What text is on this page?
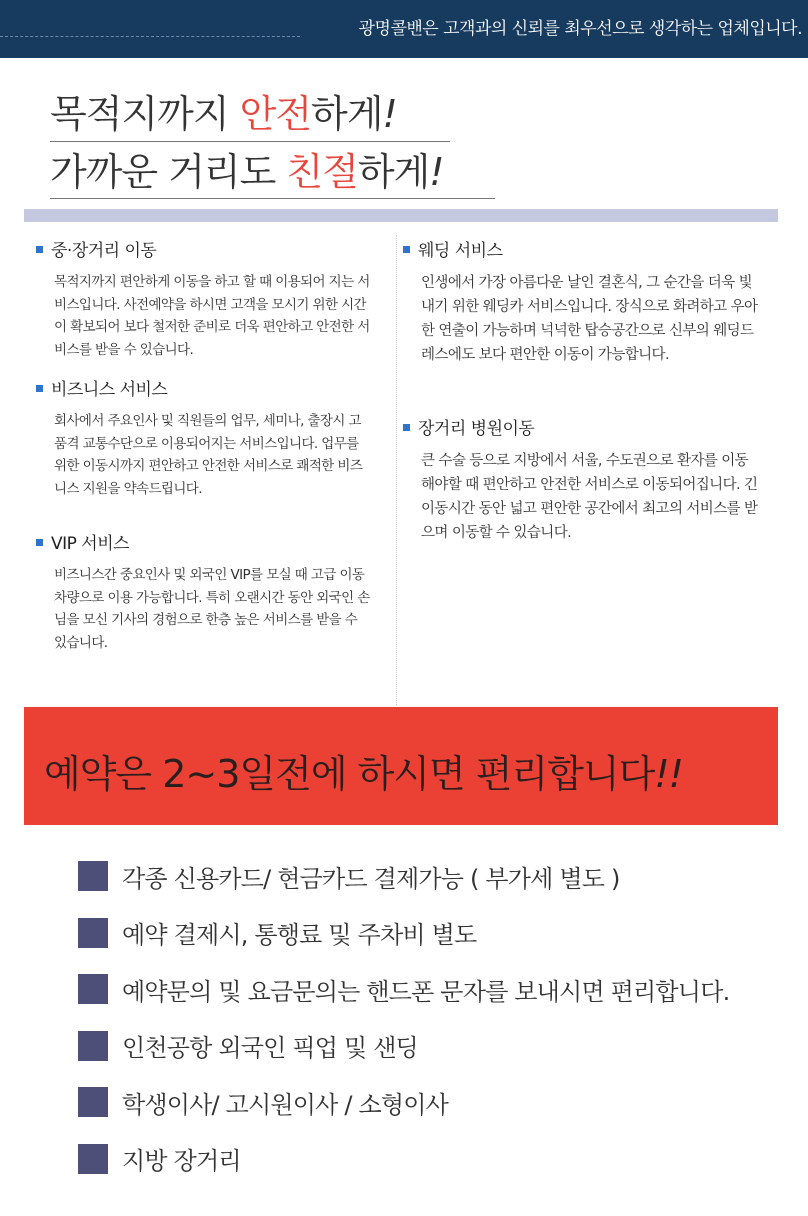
광명콜밴은 고객과의 신뢰를 최우선으로 생각하는 업체입니다.
목적지까지 안전하게!
가까운 거리도 친절하게!
중·장거리 이동
목적지까지 편안하게 이동을 하고 할 때 이용되어 지는 서비스입니다. 사전예약을 하시면 고객을 모시기 위한 시간이 확보되어 보다 철저한 준비로 더욱 편안하고 안전한 서비스를 받을 수 있습니다.
비즈니스 서비스
회사에서 주요인사 및 직원들의 업무, 세미나, 출장시 고품격 교통수단으로 이용되어지는 서비스입니다. 업무를 위한 이동시까지 편안하고 안전한 서비스로 쾌적한 비즈니스 지원을 약속드립니다.
VIP 서비스
비즈니스간 중요인사 및 외국인 VIP를 모실 때 고급 이동차량으로 이용 가능합니다. 특히 오랜시간 동안 외국인 손님을 모신 기사의 경험으로 한층 높은 서비스를 받을 수 있습니다.
웨딩 서비스
인생에서 가장 아름다운 날인 결혼식, 그 순간을 더욱 빛내기 위한 웨딩카 서비스입니다. 장식으로 화려하고 우아한 연출이 가능하며 넉넉한 탑승공간으로 신부의 웨딩드레스에도 보다 편안한 이동이 가능합니다.
장거리 병원이동
큰 수술 등으로 지방에서 서울, 수도권으로 환자를 이동해야할 때 편안하고 안전한 서비스로 이동되어집니다. 긴 이동시간 동안 넓고 편안한 공간에서 최고의 서비스를 받으며 이동할 수 있습니다.
예약은 2~3일전에 하시면 편리합니다!!
각종 신용카드/ 현금카드 결제가능 ( 부가세 별도 )
예약 결제시, 통행료 및 주차비 별도
예약문의 및 요금문의는 핸드폰 문자를 보내시면 편리합니다.
인천공항 외국인 픽업 및 샌딩
학생이사/ 고시원이사 / 소형이사
지방 장거리
